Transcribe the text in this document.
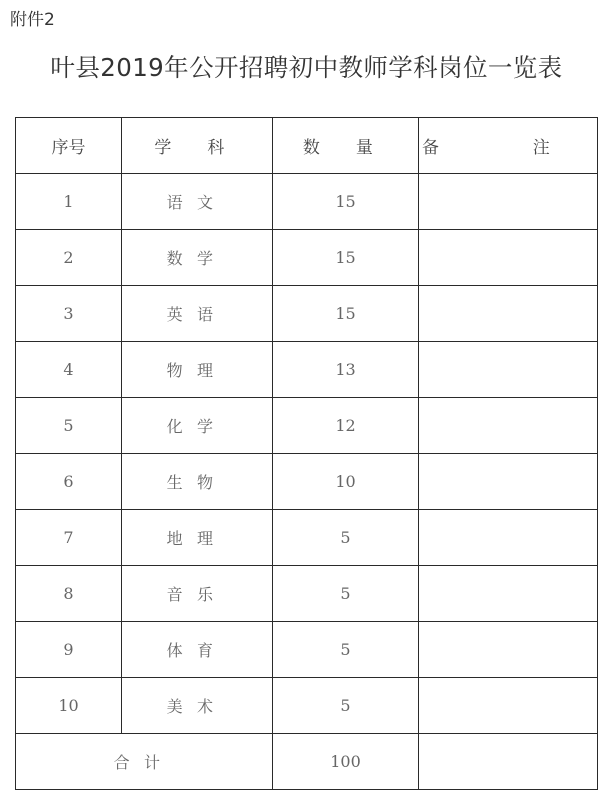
附件2
叶县2019年公开招聘初中教师学科岗位一览表
序号	学 科	数 量	备 注
1	语文	15	
2	数学	15	
3	英语	15	
4	物理	13	
5	化学	12	
6	生物	10	
7	地理	5	
8	音乐	5	
9	体育	5	
10	美术	5	
合计		100	
